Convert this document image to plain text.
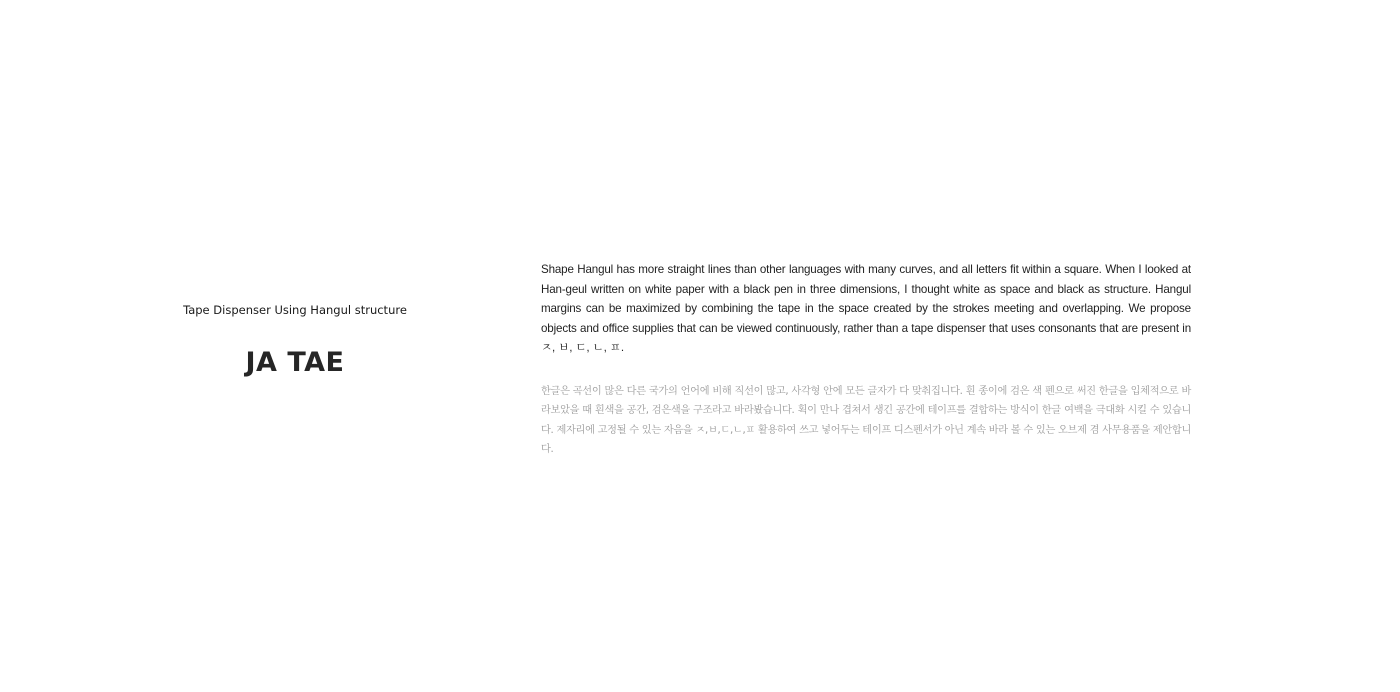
Tape Dispenser Using Hangul structure

JA TAE

Shape Hangul has more straight lines than other languages with many curves, and all letters fit within a square. When I looked at Han-geul written on white paper with a black pen in three dimensions, I thought white as space and black as structure. Hangul margins can be maximized by combining the tape in the space created by the strokes meeting and overlapping. We propose objects and office supplies that can be viewed continuously, rather than a tape dispenser that uses consonants that are present in ㅈ, ㅂ, ㄷ, ㄴ, ㅍ.

한글은 곡선이 많은 다른 국가의 언어에 비해 직선이 많고, 사각형 안에 모든 글자가 다 맞춰집니다. 흰 종이에 검은 색 펜으로 써진 한글을 입체적으로 바라보았을 때 흰색을 공간, 검은색을 구조라고 바라봤습니다. 획이 만나 겹쳐서 생긴 공간에 테이프를 결합하는 방식이 한글 여백을 극대화 시킬 수 있습니다. 제자리에 고정될 수 있는 자음을 ㅈ,ㅂ,ㄷ,ㄴ,ㅍ 활용하여 쓰고 넣어두는 테이프 디스펜서가 아닌 계속 바라 볼 수 있는 오브제 겸 사무용품을 제안합니다.
